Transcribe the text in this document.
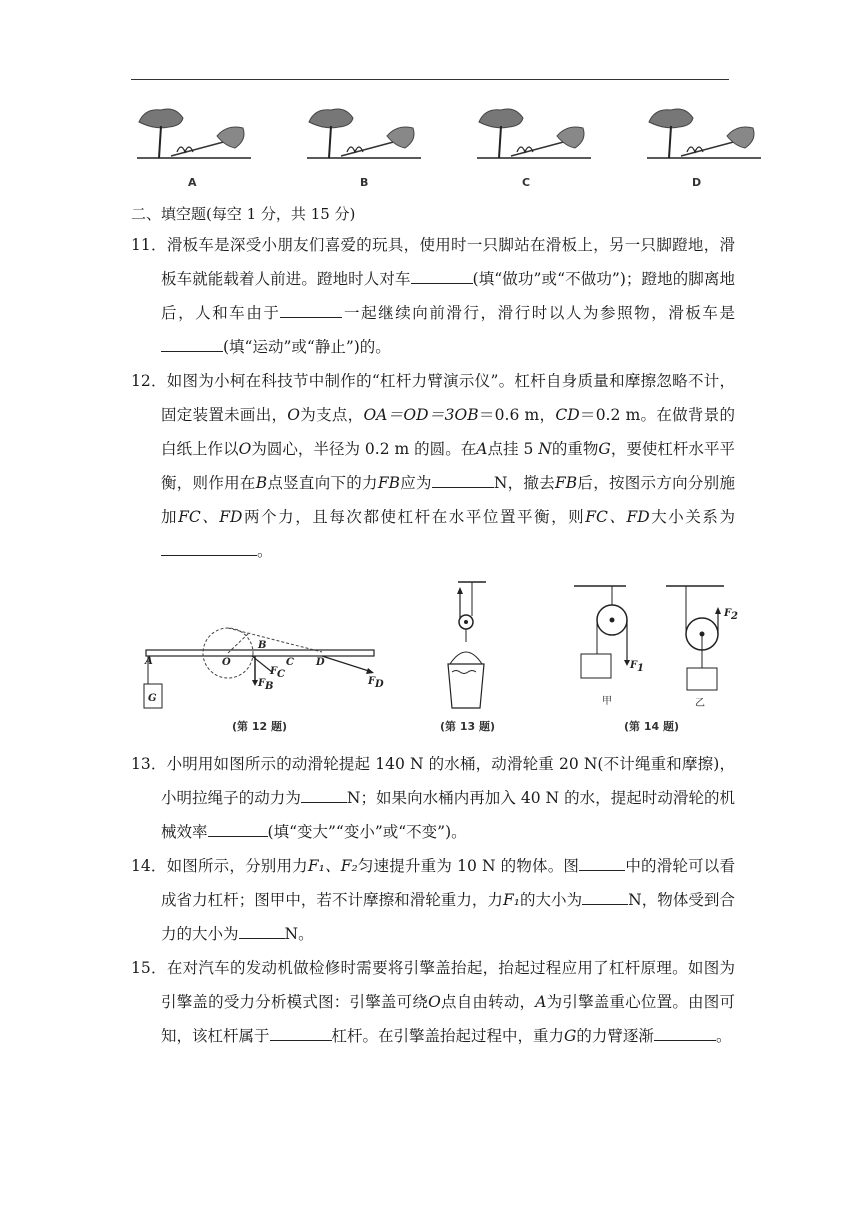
A	B	C	D
二、填空题(每空 1 分，共 15 分)

11．滑板车是深受小朋友们喜爱的玩具，使用时一只脚站在滑板上，另一只脚蹬地，滑板车就能载着人前进。蹬地时人对车	(填“做功”或“不做功”)；蹬地的脚离地后，人和车由于	一起继续向前滑行，滑行时以人为参照物，滑板车是(填“运动”或“静止”)的。

12．如图为小柯在科技节中制作的“杠杆力臂演示仪”。杠杆自身质量和摩擦忽略不计，固定装置未画出，O为支点，OA＝OD＝3OB＝0.6 m，CD＝0.2 m。在做背景的白纸上作以O为圆心，半径为 0.2 m 的圆。在A点挂 5 N的重物G，要使杠杆水平平衡，则作用在B点竖直向下的力FB应为	N，撤去FB后，按图示方向分别施加FC、FD两个力，且每次都使杠杆在水平位置平衡，则FC、FD大小关系为。

G
A	O
B
C D
F B
F C
F D
(第 12 题)	(第 13 题)
F 1
甲
F 2
乙
(第 14 题)

13．小明用如图所示的动滑轮提起 140 N 的水桶，动滑轮重 20 N(不计绳重和摩擦)，小明拉绳子的动力为	N；如果向水桶内再加入 40 N 的水，提起时动滑轮的机械效率	(填“变大”“变小”或“不变”)。

14．如图所示，分别用力F₁、F₂匀速提升重为 10 N 的物体。图	中的滑轮可以看成省力杠杆；图甲中，若不计摩擦和滑轮重力，力F₁的大小为	N，物体受到合力的大小为	N。

15．在对汽车的发动机做检修时需要将引擎盖抬起，抬起过程应用了杠杆原理。如图为引擎盖的受力分析模式图：引擎盖可绕O点自由转动，A为引擎盖重心位置。由图可知，该杠杆属于	杠杆。在引擎盖抬起过程中，重力G的力臂逐渐	。
